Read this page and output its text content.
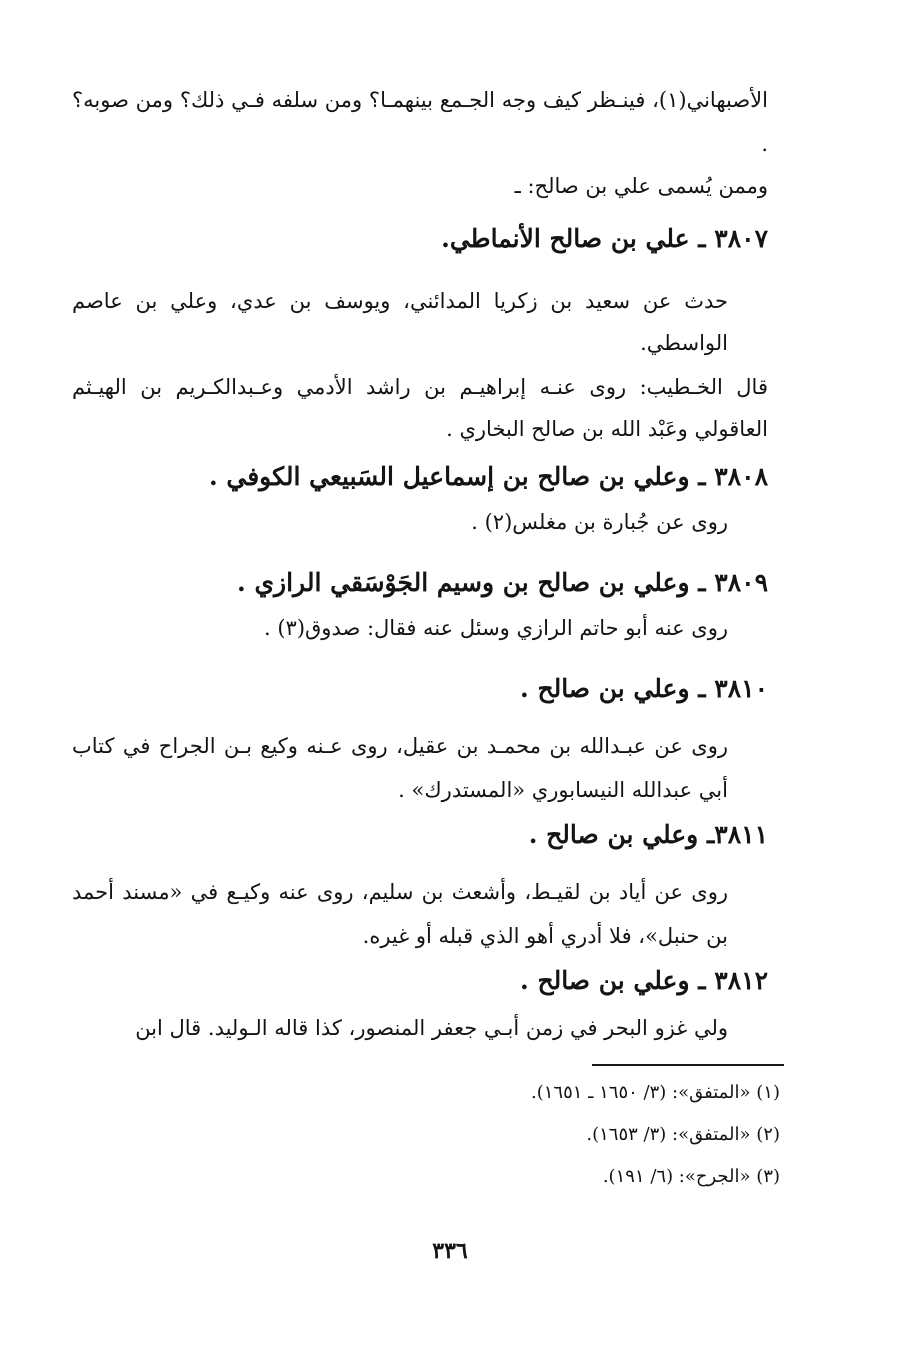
الأصبهاني(١)، فينـظر كيف وجه الجـمع بينهمـا؟ ومن سلفه فـي ذلك؟ ومن صوبه؟ .
وممن يُسمى علي بن صالح: ـ
٣٨٠٧ ـ علي بن صالح الأنماطي.
حدث عن سعيد بن زكريا المدائني، ويوسف بن عدي، وعلي بن عاصم الواسطي.
قال الخـطيب: روى عنـه إبراهيـم بن راشد الأدمي وعـبدالكـريم بن الهيـثم العاقولي وعَبْد الله بن صالح البخاري .
٣٨٠٨ ـ وعلي بن صالح بن إسماعيل السَبيعي الكوفي .
روى عن جُبارة بن مغلس(٢) .
٣٨٠٩ ـ وعلي بن صالح بن وسيم الجَوْسَقي الرازي .
روى عنه أبو حاتم الرازي وسئل عنه فقال: صدوق(٣) .
٣٨١٠ ـ وعلي بن صالح .
روى عن عبـدالله بن محمـد بن عقيل، روى عـنه وكيع بـن الجراح في كتاب أبي عبدالله النيسابوري «المستدرك» .
٣٨١١ـ وعلي بن صالح .
روى عن أياد بن لقيـط، وأشعث بن سليم، روى عنه وكيـع في «مسند أحمد بن حنبل»، فلا أدري أهو الذي قبله أو غيره.
٣٨١٢ ـ وعلي بن صالح .
ولي غزو البحر في زمن أبـي جعفر المنصور، كذا قاله الـوليد. قال ابن
(١) «المتفق»: (٣/ ١٦٥٠ ـ ١٦٥١).
(٢) «المتفق»: (٣/ ١٦٥٣).
(٣) «الجرح»: (٦/ ١٩١).
٣٣٦
